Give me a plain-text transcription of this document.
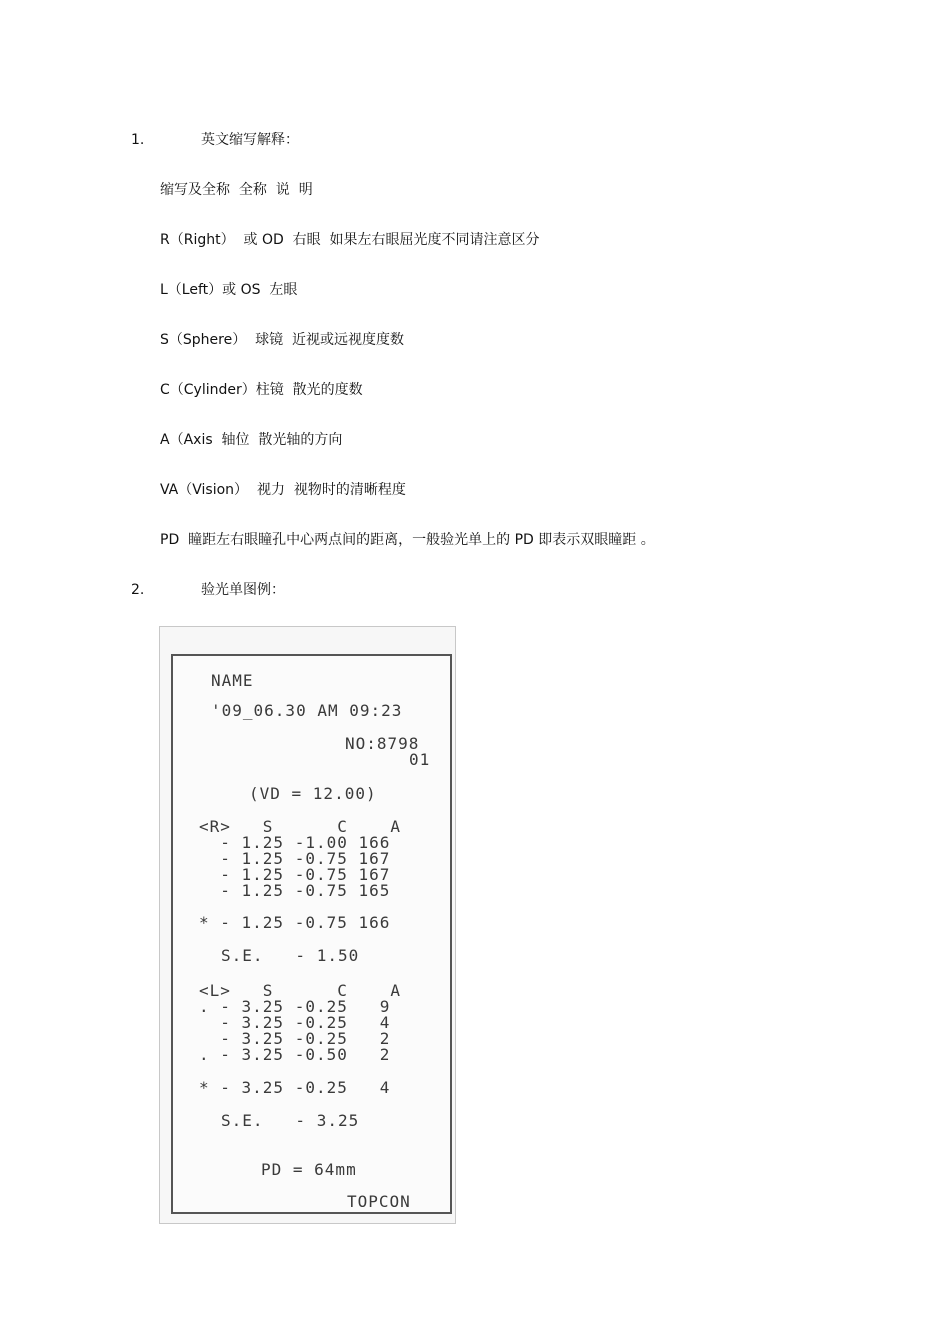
1.	英文缩写解释：
缩写及全称  全称  说  明
R（Right）  或 OD  右眼  如果左右眼屈光度不同请注意区分
L（Left）或 OS  左眼
S（Sphere）  球镜  近视或远视度度数
C（Cylinder）柱镜  散光的度数
A（Axis  轴位  散光轴的方向
VA（Vision）  视力  视物时的清晰程度
PD  瞳距左右眼瞳孔中心两点间的距离，一般验光单上的 PD 即表示双眼瞳距 。
2.	验光单图例：
NAME
'09_06.30 AM 09:23
NO:8798
01
(VD = 12.00)
<R>   S      C    A
- 1.25 -1.00 166
- 1.25 -0.75 167
- 1.25 -0.75 167
- 1.25 -0.75 165
* - 1.25 -0.75 166
S.E.   - 1.50
<L>   S      C    A
. - 3.25 -0.25   9
- 3.25 -0.25   4
- 3.25 -0.25   2
. - 3.25 -0.50   2
* - 3.25 -0.25   4
S.E.   - 3.25
PD = 64mm
TOPCON
